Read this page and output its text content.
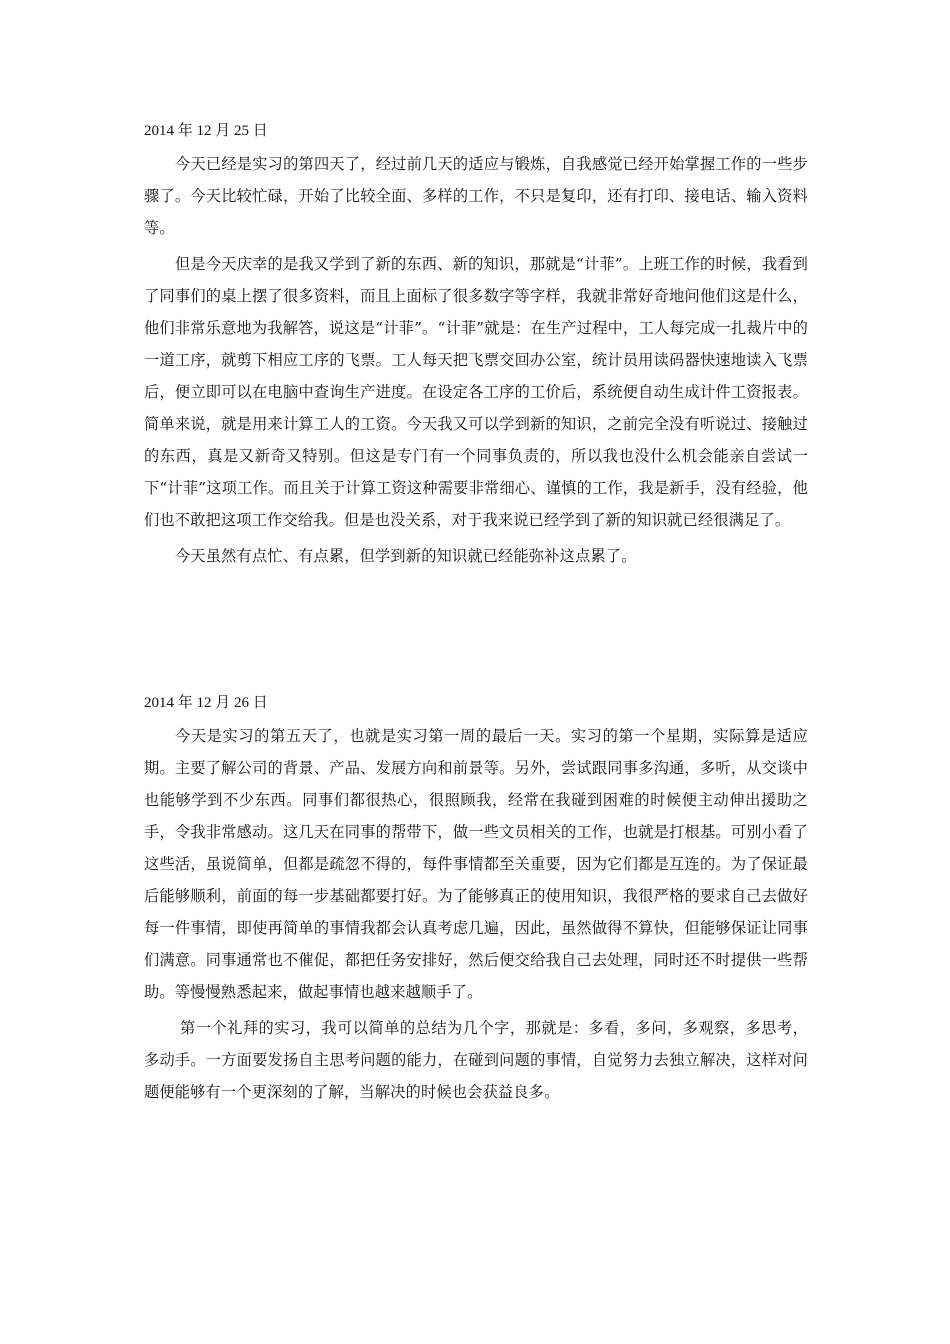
2014 年 12 月 25 日

今天已经是实习的第四天了，经过前几天的适应与锻炼，自我感觉已经开始掌握工作的一些步骤了。今天比较忙碌，开始了比较全面、多样的工作，不只是复印，还有打印、接电话、输入资料等。

但是今天庆幸的是我又学到了新的东西、新的知识，那就是“计菲”。上班工作的时候，我看到了同事们的桌上摆了很多资料，而且上面标了很多数字等字样，我就非常好奇地问他们这是什么，他们非常乐意地为我解答，说这是“计菲”。“计菲”就是：在生产过程中，工人每完成一扎裁片中的一道工序，就剪下相应工序的飞票。工人每天把飞票交回办公室，统计员用读码器快速地读入飞票后，便立即可以在电脑中查询生产进度。在设定各工序的工价后，系统便自动生成计件工资报表。简单来说，就是用来计算工人的工资。今天我又可以学到新的知识，之前完全没有听说过、接触过的东西，真是又新奇又特别。但这是专门有一个同事负责的，所以我也没什么机会能亲自尝试一下“计菲”这项工作。而且关于计算工资这种需要非常细心、谨慎的工作，我是新手，没有经验，他们也不敢把这项工作交给我。但是也没关系，对于我来说已经学到了新的知识就已经很满足了。

今天虽然有点忙、有点累，但学到新的知识就已经能弥补这点累了。

2014 年 12 月 26 日

今天是实习的第五天了，也就是实习第一周的最后一天。实习的第一个星期，实际算是适应期。主要了解公司的背景、产品、发展方向和前景等。另外，尝试跟同事多沟通，多听，从交谈中也能够学到不少东西。同事们都很热心，很照顾我，经常在我碰到困难的时候便主动伸出援助之手，令我非常感动。这几天在同事的帮带下，做一些文员相关的工作，也就是打根基。可别小看了这些活，虽说简单，但都是疏忽不得的，每件事情都至关重要，因为它们都是互连的。为了保证最后能够顺利，前面的每一步基础都要打好。为了能够真正的使用知识，我很严格的要求自己去做好每一件事情，即使再简单的事情我都会认真考虑几遍，因此，虽然做得不算快，但能够保证让同事们满意。同事通常也不催促，都把任务安排好，然后便交给我自己去处理，同时还不时提供一些帮助。等慢慢熟悉起来，做起事情也越来越顺手了。

第一个礼拜的实习，我可以简单的总结为几个字，那就是：多看，多问，多观察，多思考，多动手。一方面要发扬自主思考问题的能力，在碰到问题的事情，自觉努力去独立解决，这样对问题便能够有一个更深刻的了解，当解决的时候也会获益良多。
